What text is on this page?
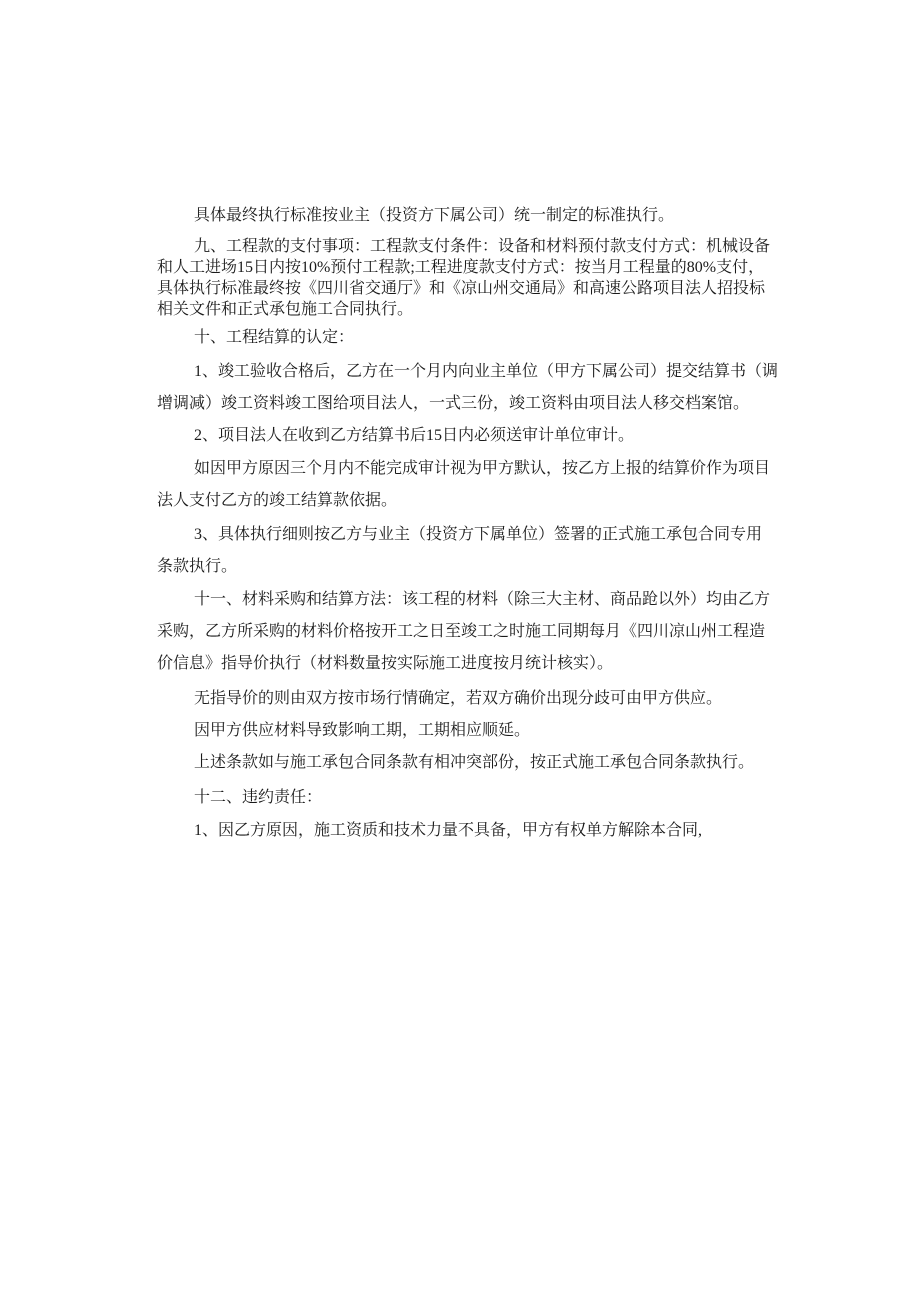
具体最终执行标准按业主（投资方下属公司）统一制定的标准执行。
九、工程款的支付事项：工程款支付条件：设备和材料预付款支付方式：机械设备
和人工进场15日内按10%预付工程款;工程进度款支付方式：按当月工程量的80%支付，
具体执行标准最终按《四川省交通厅》和《凉山州交通局》和高速公路项目法人招投标
相关文件和正式承包施工合同执行。
十、工程结算的认定：
1、竣工验收合格后，乙方在一个月内向业主单位（甲方下属公司）提交结算书（调
增调减）竣工资料竣工图给项目法人，一式三份，竣工资料由项目法人移交档案馆。
2、项目法人在收到乙方结算书后15日内必须送审计单位审计。
如因甲方原因三个月内不能完成审计视为甲方默认，按乙方上报的结算价作为项目
法人支付乙方的竣工结算款依据。
3、具体执行细则按乙方与业主（投资方下属单位）签署的正式施工承包合同专用
条款执行。
十一、材料采购和结算方法：该工程的材料（除三大主材、商品跄以外）均由乙方
采购，乙方所采购的材料价格按开工之日至竣工之时施工同期每月《四川凉山州工程造
价信息》指导价执行（材料数量按实际施工进度按月统计核实）。
无指导价的则由双方按市场行情确定，若双方确价出现分歧可由甲方供应。
因甲方供应材料导致影响工期，工期相应顺延。
上述条款如与施工承包合同条款有相冲突部份，按正式施工承包合同条款执行。
十二、违约责任：
1、因乙方原因，施工资质和技术力量不具备，甲方有权单方解除本合同,
